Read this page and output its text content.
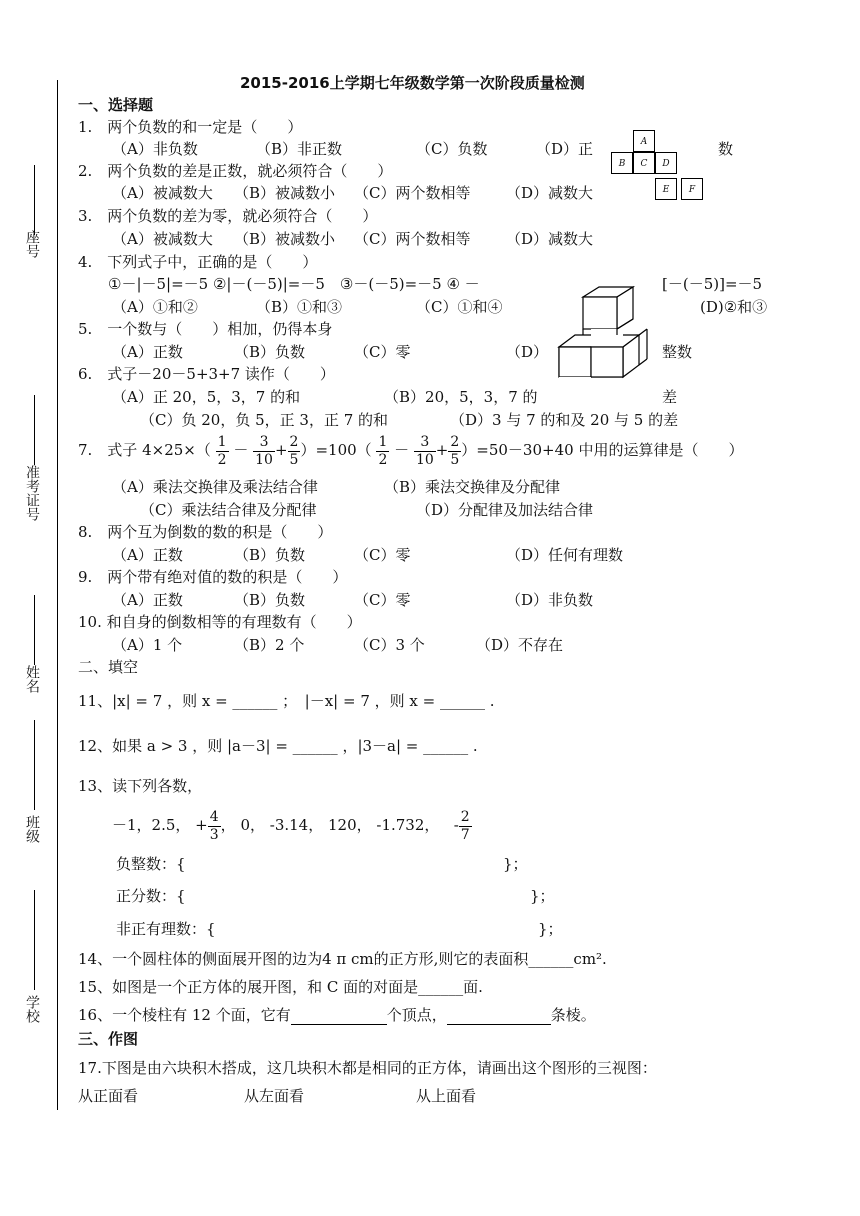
座号
准考证号
姓名
班级
学校
2015-2016上学期七年级数学第一次阶段质量检测
一、选择题
1.　两个负数的和一定是（　　）
（A）非负数	（B）非正数	（C）负数	（D）正	数
A
B	C	D
E	F
2.　两个负数的差是正数，就必须符合（　　）
（A）被减数大 （B）被减数小 （C）两个数相等 （D）减数大
3.　两个负数的差为零，就必须符合（　　）
（A）被减数大 （B）被减数小 （C）两个数相等 （D）减数大
4.　下列式子中，正确的是（　　）
①－|－5|=－5 ②|－(－5)|=－5　③－(－5)=－5 ④ －	[－(－5)]=－5
（A）①和②	（B）①和③	（C）①和④	(D)②和③
5.　一个数与（　　）相加，仍得本身
（A）正数	（B）负数	（C）零	（D）	整数
6.　式子－20－5+3+7 读作（　　）
（A）正 20，5，3，7 的和	（B）20，5，3，7 的	差
（C）负 20，负 5，正 3，正 7 的和	（D）3 与 7 的和及 20 与 5 的差
7.　式子 $4\times 25\times( \frac{1}{2} - \frac{3}{10} + \frac{2}{5} )=100( \frac{1}{2} - \frac{3}{10} + \frac{2}{5} )=50-30+40$ 中用的运算律是（　　）
（A）乘法交换律及乘法结合律	（B）乘法交换律及分配律
（C）乘法结合律及分配律	（D）分配律及加法结合律
8.　两个互为倒数的数的积是（　　）
（A）正数	（B）负数	（C）零	（D）任何有理数
9.　两个带有绝对值的数的积是（　　）
（A）正数	（B）负数	（C）零	（D）非负数
10. 和自身的倒数相等的有理数有（　　）
（A）1 个	（B）2 个	（C）3 个	（D）不存在
二、填空
11、|x| = 7 ，则 x = ______ ；　|－x| = 7 ，则 x = ______ .
12、如果 a > 3 ，则 |a－3| = ______ ，|3－a| = ______ .
13、读下列各数，
－1，2.5， + $\frac{4}{3}$ ， 0， -3.14， 120， -1.732，   - $\frac{2}{7}$
负整数：{	}；
正分数：{	}；
非正有理数：{	}；
14、一个圆柱体的侧面展开图的边为4 π cm的正方形,则它的表面积______cm².
15、如图是一个正方体的展开图，和 C 面的对面是______面.
16、一个棱柱有 12 个面，它有	个顶点，	条棱。
三、作图
17.下图是由六块积木搭成，这几块积木都是相同的正方体，请画出这个图形的三视图：
从正面看	从左面看	从上面看
